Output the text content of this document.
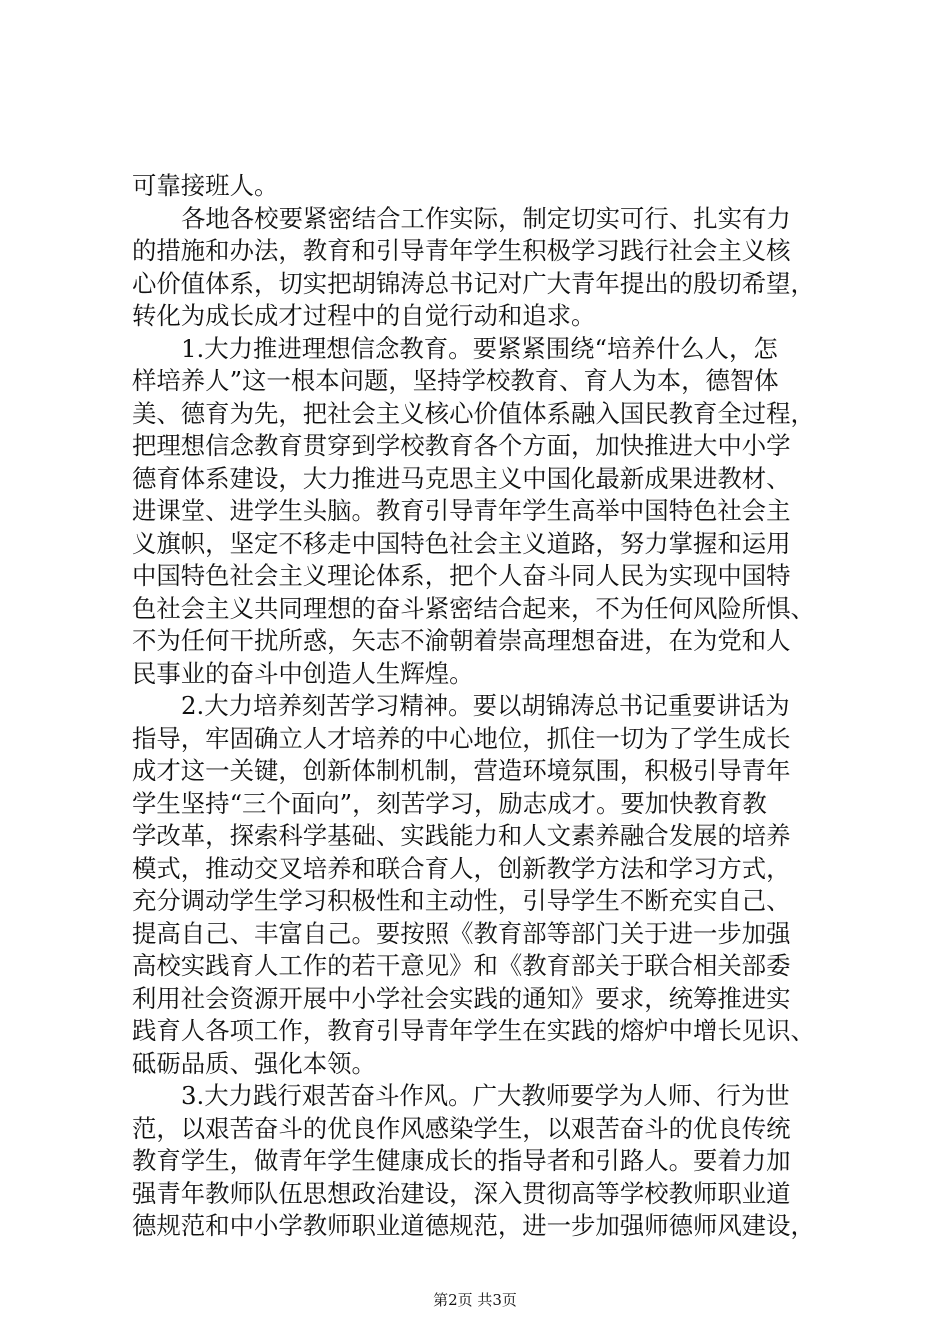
可靠接班人。
各地各校要紧密结合工作实际，制定切实可行、扎实有力
的措施和办法，教育和引导青年学生积极学习践行社会主义核
心价值体系，切实把胡锦涛总书记对广大青年提出的殷切希望，
转化为成长成才过程中的自觉行动和追求。
1.大力推进理想信念教育。要紧紧围绕“培养什么人，怎
样培养人”这一根本问题，坚持学校教育、育人为本，德智体
美、德育为先，把社会主义核心价值体系融入国民教育全过程，
把理想信念教育贯穿到学校教育各个方面，加快推进大中小学
德育体系建设，大力推进马克思主义中国化最新成果进教材、
进课堂、进学生头脑。教育引导青年学生高举中国特色社会主
义旗帜，坚定不移走中国特色社会主义道路，努力掌握和运用
中国特色社会主义理论体系，把个人奋斗同人民为实现中国特
色社会主义共同理想的奋斗紧密结合起来，不为任何风险所惧、
不为任何干扰所惑，矢志不渝朝着崇高理想奋进，在为党和人
民事业的奋斗中创造人生辉煌。
2.大力培养刻苦学习精神。要以胡锦涛总书记重要讲话为
指导，牢固确立人才培养的中心地位，抓住一切为了学生成长
成才这一关键，创新体制机制，营造环境氛围，积极引导青年
学生坚持“三个面向”，刻苦学习，励志成才。要加快教育教
学改革，探索科学基础、实践能力和人文素养融合发展的培养
模式，推动交叉培养和联合育人，创新教学方法和学习方式，
充分调动学生学习积极性和主动性，引导学生不断充实自己、
提高自己、丰富自己。要按照《教育部等部门关于进一步加强
高校实践育人工作的若干意见》和《教育部关于联合相关部委
利用社会资源开展中小学社会实践的通知》要求，统筹推进实
践育人各项工作，教育引导青年学生在实践的熔炉中增长见识、
砥砺品质、强化本领。
3.大力践行艰苦奋斗作风。广大教师要学为人师、行为世
范，以艰苦奋斗的优良作风感染学生，以艰苦奋斗的优良传统
教育学生，做青年学生健康成长的指导者和引路人。要着力加
强青年教师队伍思想政治建设，深入贯彻高等学校教师职业道
德规范和中小学教师职业道德规范，进一步加强师德师风建设，
第2页 共3页
